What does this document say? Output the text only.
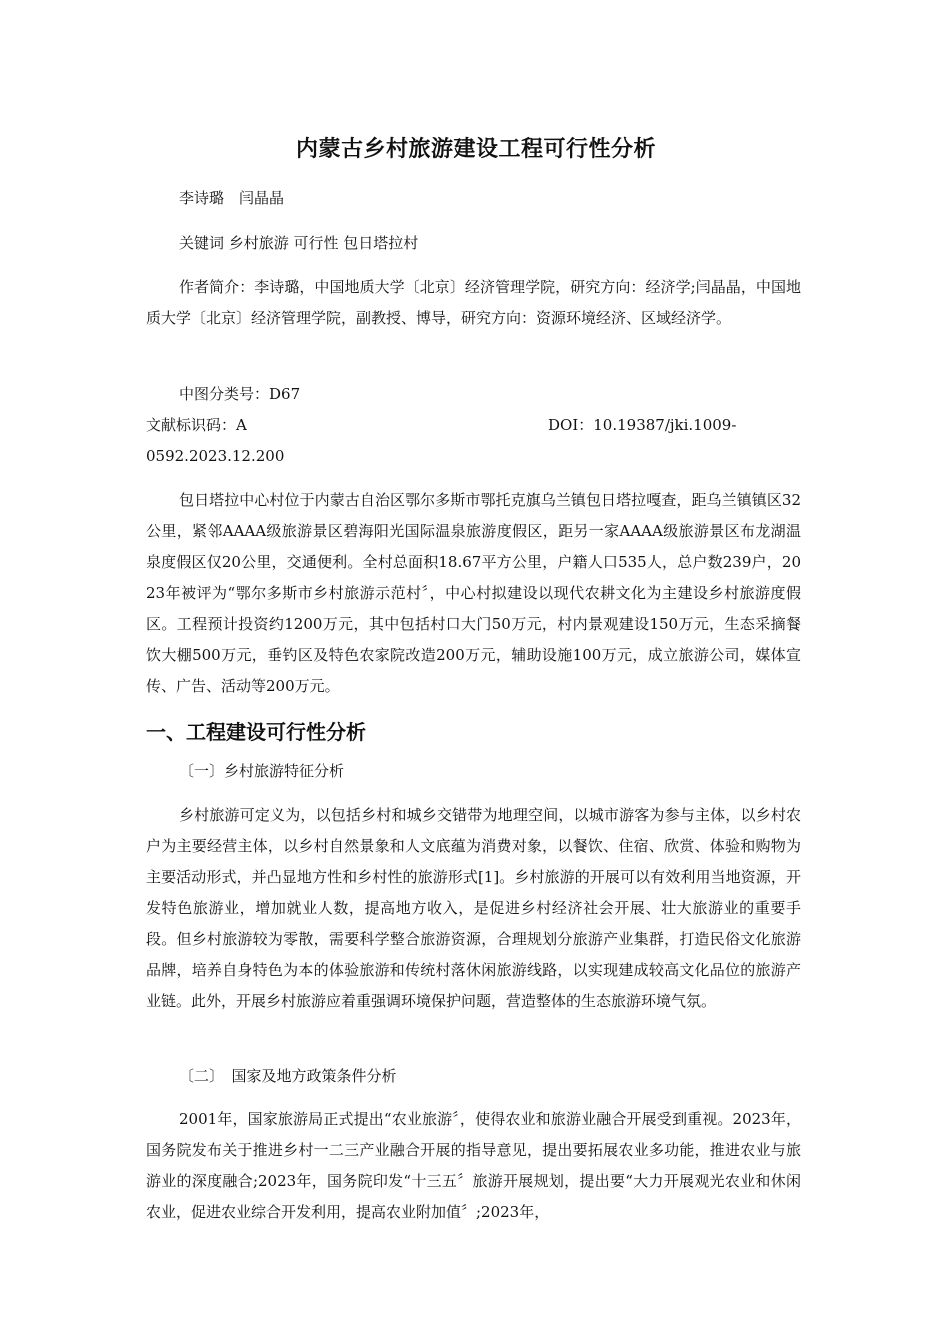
内蒙古乡村旅游建设工程可行性分析
李诗璐　闫晶晶
关键词 乡村旅游 可行性 包日塔拉村
作者简介：李诗璐，中国地质大学〔北京〕经济管理学院，研究方向：经济学;闫晶晶，中国地质大学〔北京〕经济管理学院，副教授、博导，研究方向：资源环境经济、区域经济学。
中图分类号：D67
文献标识码：A	DOI：10.19387/jki.1009-
0592.2023.12.200
包日塔拉中心村位于内蒙古自治区鄂尔多斯市鄂托克旗乌兰镇包日塔拉嘎查，距乌兰镇镇区32公里，紧邻AAAA级旅游景区碧海阳光国际温泉旅游度假区，距另一家AAAA级旅游景区布龙湖温泉度假区仅20公里，交通便利。全村总面积18.67平方公里，户籍人口535人，总户数239户，2023年被评为“鄂尔多斯市乡村旅游示范村〞，中心村拟建设以现代农耕文化为主建设乡村旅游度假区。工程预计投资约1200万元，其中包括村口大门50万元，村内景观建设150万元，生态采摘餐饮大棚500万元，垂钓区及特色农家院改造200万元，辅助设施100万元，成立旅游公司，媒体宣传、广告、活动等200万元。
一、工程建设可行性分析
〔一〕乡村旅游特征分析
乡村旅游可定义为，以包括乡村和城乡交错带为地理空间，以城市游客为参与主体，以乡村农户为主要经营主体，以乡村自然景象和人文底蕴为消费对象，以餐饮、住宿、欣赏、体验和购物为主要活动形式，并凸显地方性和乡村性的旅游形式[1]。乡村旅游的开展可以有效利用当地资源，开发特色旅游业，增加就业人数，提高地方收入，是促进乡村经济社会开展、壮大旅游业的重要手段。但乡村旅游较为零散，需要科学整合旅游资源，合理规划分旅游产业集群，打造民俗文化旅游品牌，培养自身特色为本的体验旅游和传统村落休闲旅游线路，以实现建成较高文化品位的旅游产业链。此外，开展乡村旅游应着重强调环境保护问题，营造整体的生态旅游环境气氛。
〔二〕　国家及地方政策条件分析
2001年，国家旅游局正式提出“农业旅游〞，使得农业和旅游业融合开展受到重视。2023年，国务院发布关于推进乡村一二三产业融合开展的指导意见，提出要拓展农业多功能，推进农业与旅游业的深度融合;2023年，国务院印发“十三五〞旅游开展规划，提出要“大力开展观光农业和休闲农业，促进农业综合开发利用，提高农业附加值〞;2023年，
